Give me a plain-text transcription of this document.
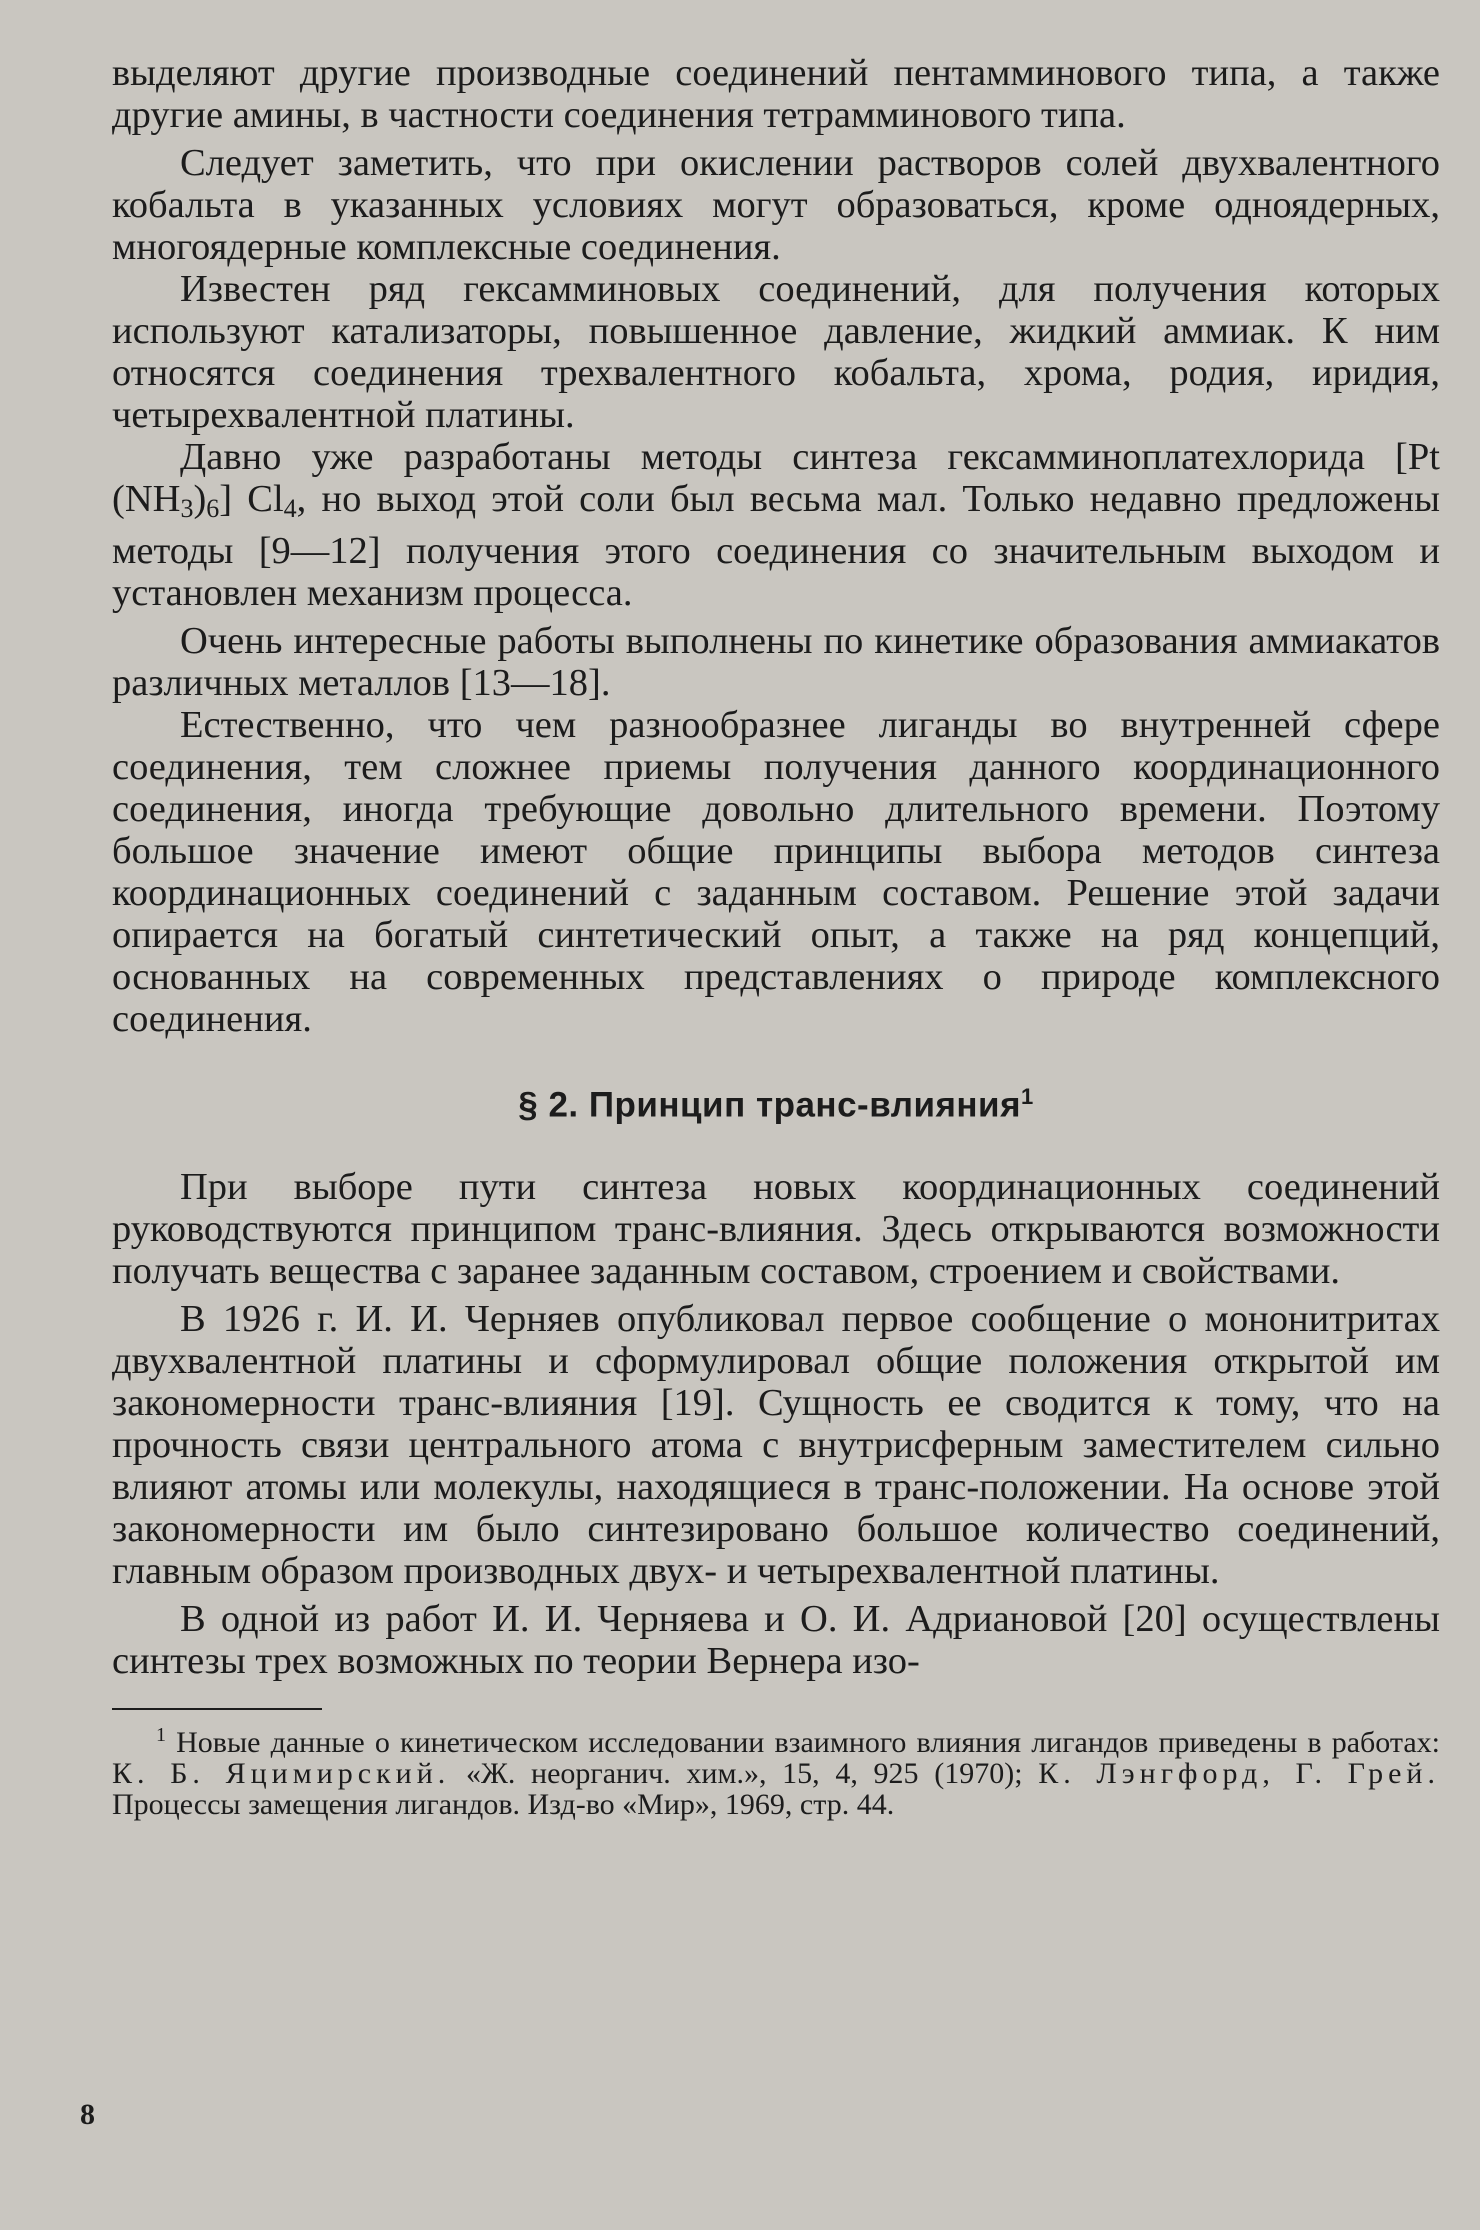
выделяют другие производные соединений пентамминового типа, а также другие амины, в частности соединения тетрамминового типа.

Следует заметить, что при окислении растворов солей двухвалентного кобальта в указанных условиях могут образоваться, кроме одноядерных, многоядерные комплексные соединения.

Известен ряд гексамминовых соединений, для получения которых используют катализаторы, повышенное давление, жидкий аммиак. К ним относятся соединения трехвалентного кобальта, хрома, родия, иридия, четырехвалентной платины.

Давно уже разработаны методы синтеза гексамминоплатехлорида [Pt $(NH_3)_6$] $Cl_4$, но выход этой соли был весьма мал. Только недавно предложены методы [9—12] получения этого соединения со значительным выходом и установлен механизм процесса.

Очень интересные работы выполнены по кинетике образования аммиакатов различных металлов [13—18].

Естественно, что чем разнообразнее лиганды во внутренней сфере соединения, тем сложнее приемы получения данного координационного соединения, иногда требующие довольно длительного времени. Поэтому большое значение имеют общие принципы выбора методов синтеза координационных соединений с заданным составом. Решение этой задачи опирается на богатый синтетический опыт, а также на ряд концепций, основанных на современных представлениях о природе комплексного соединения.

§ 2. Принцип транс-влияния$^1$

При выборе пути синтеза новых координационных соединений руководствуются принципом транс-влияния. Здесь открываются возможности получать вещества с заранее заданным составом, строением и свойствами.

В 1926 г. И. И. Черняев опубликовал первое сообщение о мононитритах двухвалентной платины и сформулировал общие положения открытой им закономерности транс-влияния [19]. Сущность ее сводится к тому, что на прочность связи центрального атома с внутрисферным заместителем сильно влияют атомы или молекулы, находящиеся в транс-положении. На основе этой закономерности им было синтезировано большое количество соединений, главным образом производных двух- и четырехвалентной платины.

В одной из работ И. И. Черняева и О. И. Адриановой [20] осуществлены синтезы трех возможных по теории Вернера изо-

$^1$ Новые данные о кинетическом исследовании взаимного влияния лигандов приведены в работах: К. Б. Яцимирский. «Ж. неорганич. хим.», 15, 4, 925 (1970); К. Лэнгфорд, Г. Грей. Процессы замещения лигандов. Изд-во «Мир», 1969, стр. 44.

8
